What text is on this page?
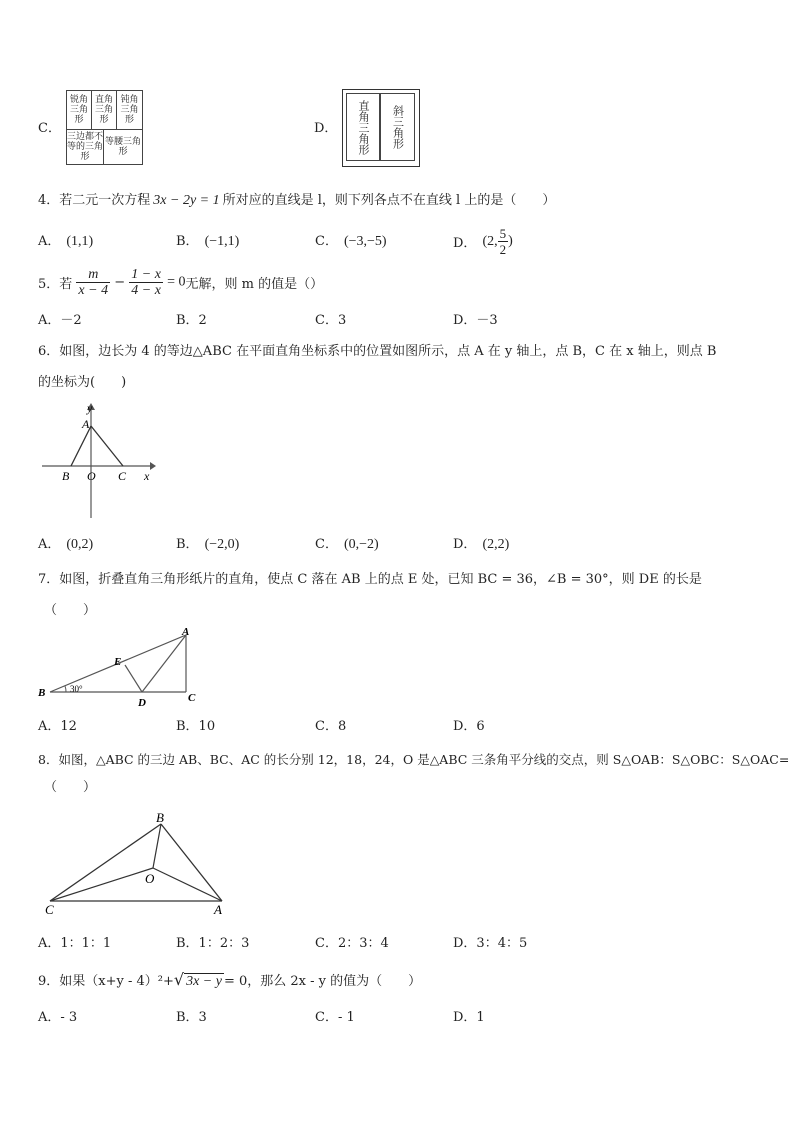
C．
锐角三角形
直角三角形
钝角三角形
三边都不等的三角形
等腰三角形
D．	直角三角形	斜三角形
4．若二元一次方程 3x − 2y = 1 所对应的直线是 l，则下列各点不在直线 l 上的是（　　）
A． (1,1)	B． (−1,1)	C． (−3,−5)	D． (2, $\frac{5}{2}$ )
5．若 $\frac{m}{x - 4} - \frac{1 - x}{4 - x} = 0$无解，则 m 的值是（）
A．－2	B．2	C．3	D．－3
6．如图，边长为 4 的等边△ABC 在平面直角坐标系中的位置如图所示，点 A 在 y 轴上，点 B，C 在 x 轴上，则点 B
的坐标为(　　)
y
A
B O C x
A． (0,2)	B． (−2,0)	C． (0,−2)	D． (2,2)
7．如图，折叠直角三角形纸片的直角，使点 C 落在 AB 上的点 E 处，已知 BC = 36，∠B = 30°，则 DE 的长是
（　　）
A
E
B	30°
D	C
A．12	B．10	C．8	D．6
8．如图，△ABC 的三边 AB、BC、AC 的长分别 12，18，24，O 是△ABC 三条角平分线的交点，则 S△OAB：S△OBC：S△OAC=
（　　）
B
O
C	A
A．1：1：1	B．1：2：3	C．2：3：4	D．3：4：5
9．如果（x+y - 4）²+√ 3x − y = 0，那么 2x - y 的值为（　　）
A．- 3	B．3	C．- 1	D．1
